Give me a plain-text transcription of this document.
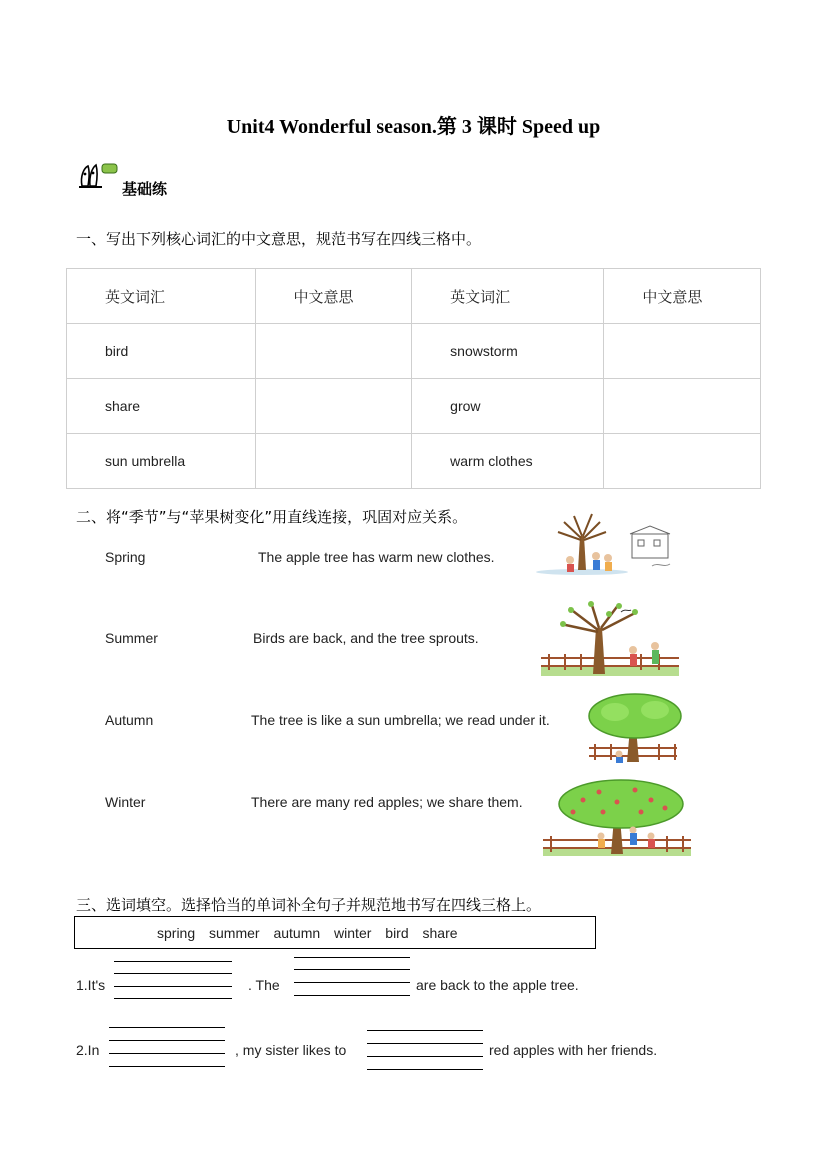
Unit4 Wonderful season.第 3 课时 Speed up
基础练
一、写出下列核心词汇的中文意思，规范书写在四线三格中。
英文词汇	中文意思	英文词汇	中文意思
bird		snowstorm	
share		grow	
sun umbrella		warm clothes	
二、将“季节”与“苹果树变化”用直线连接，巩固对应关系。
Spring
Summer
Autumn
Winter
The apple tree has warm new clothes.
Birds are back, and the tree sprouts.
The tree is like a sun umbrella; we read under it.
There are many red apples; we share them.
三、选词填空。选择恰当的单词补全句子并规范地书写在四线三格上。
spring summer autumn winter bird share
1.It's	. The	are back to the apple tree.
2.In	, my sister likes to	red apples with her friends.
